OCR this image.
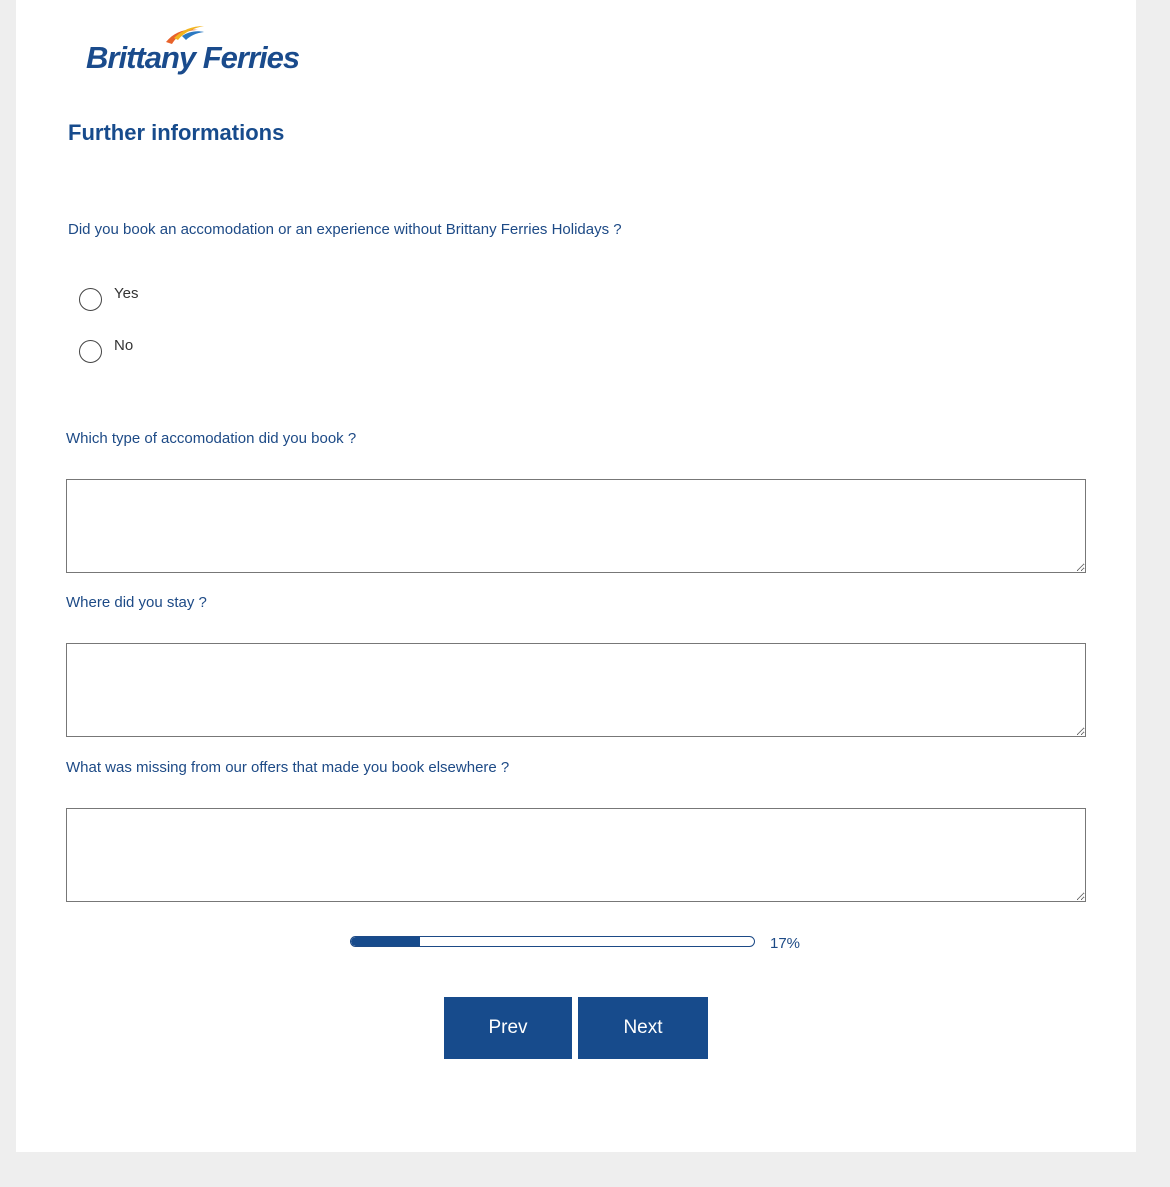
Brittany Ferries
Further informations
Did you book an accomodation or an experience without Brittany Ferries Holidays ?
Yes
No
Which type of accomodation did you book ?
Where did you stay ?
What was missing from our offers that made you book elsewhere ?
17%
Prev	Next
